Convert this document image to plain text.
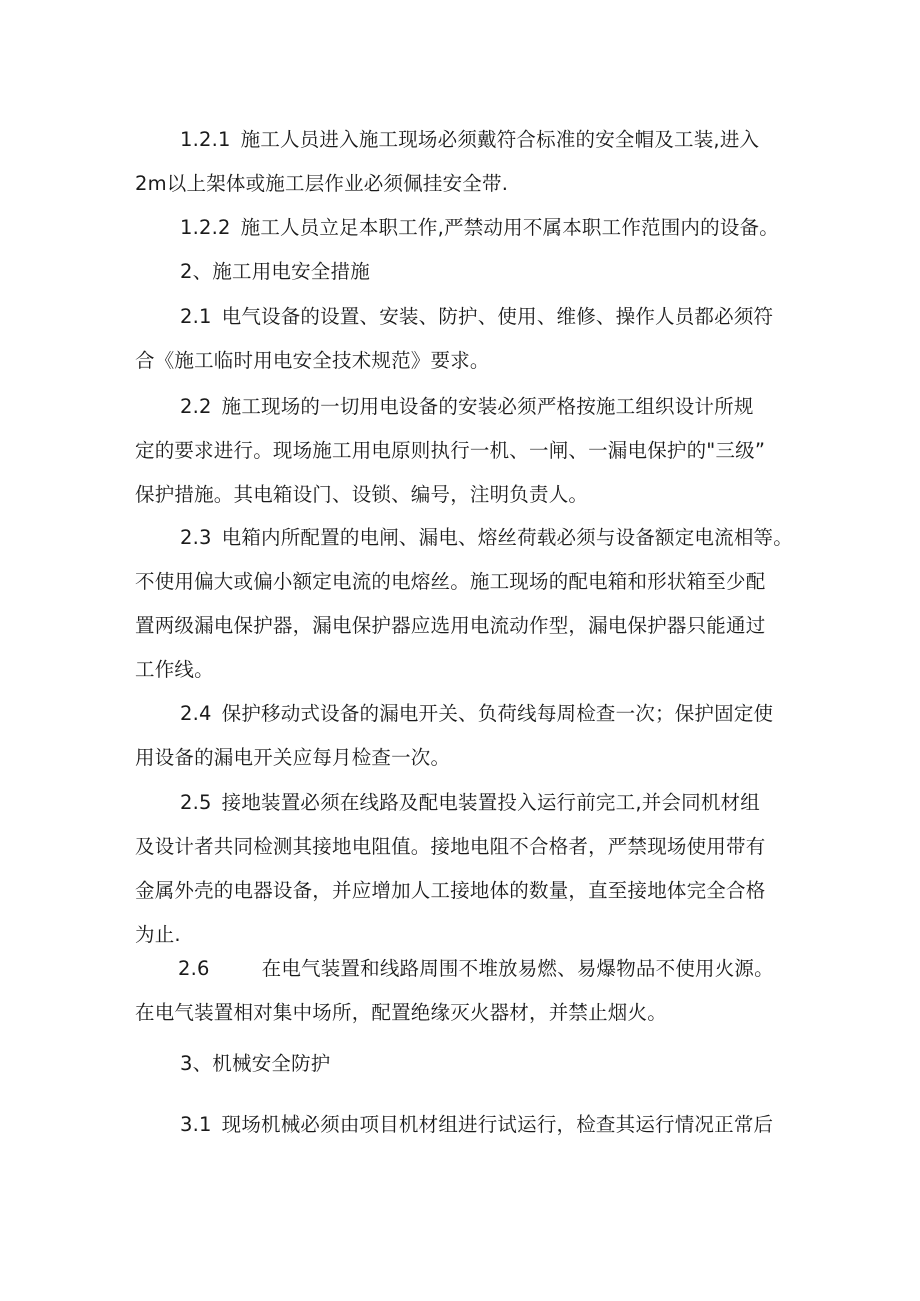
1.2.1 施工人员进入施工现场必须戴符合标准的安全帽及工装,进入
2m以上架体或施工层作业必须佩挂安全带.
1.2.2 施工人员立足本职工作,严禁动用不属本职工作范围内的设备。
2、施工用电安全措施
2.1 电气设备的设置、安装、防护、使用、维修、操作人员都必须符
合《施工临时用电安全技术规范》要求。
2.2 施工现场的一切用电设备的安装必须严格按施工组织设计所规
定的要求进行。现场施工用电原则执行一机、一闸、一漏电保护的"三级”
保护措施。其电箱设门、设锁、编号，注明负责人。
2.3 电箱内所配置的电闸、漏电、熔丝荷载必须与设备额定电流相等。
不使用偏大或偏小额定电流的电熔丝。施工现场的配电箱和形状箱至少配
置两级漏电保护器，漏电保护器应选用电流动作型，漏电保护器只能通过
工作线。
2.4 保护移动式设备的漏电开关、负荷线每周检查一次；保护固定使
用设备的漏电开关应每月检查一次。
2.5 接地装置必须在线路及配电装置投入运行前完工,并会同机材组
及设计者共同检测其接地电阻值。接地电阻不合格者，严禁现场使用带有
金属外壳的电器设备，并应增加人工接地体的数量，直至接地体完全合格
为止.
2.6	在电气装置和线路周围不堆放易燃、易爆物品不使用火源。
在电气装置相对集中场所，配置绝缘灭火器材，并禁止烟火。
3、机械安全防护
3.1 现场机械必须由项目机材组进行试运行，检查其运行情况正常后
